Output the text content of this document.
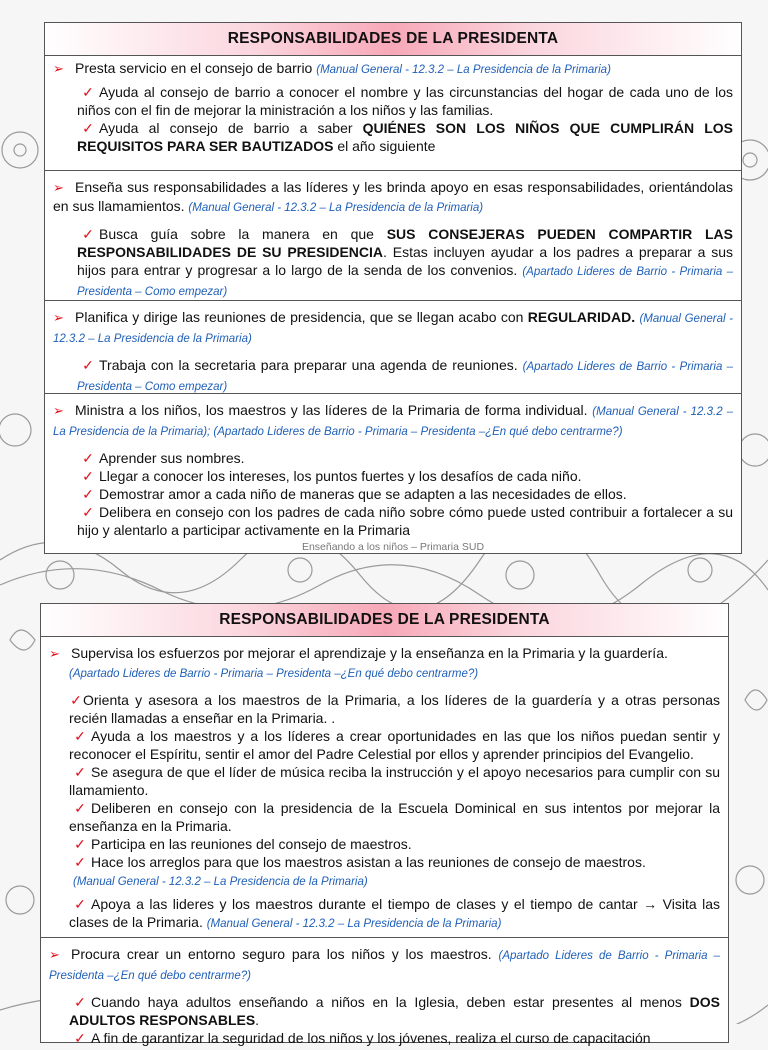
RESPONSABILIDADES DE LA PRESIDENTA

➢ Presta servicio en el consejo de barrio (Manual General - 12.3.2 – La Presidencia de la Primaria)

✓ Ayuda al consejo de barrio a conocer el nombre y las circunstancias del hogar de cada uno de los niños con el fin de mejorar la ministración a los niños y las familias.

✓ Ayuda al consejo de barrio a saber QUIÉNES SON LOS NIÑOS QUE CUMPLIRÁN LOS REQUISITOS PARA SER BAUTIZADOS el año siguiente

➢ Enseña sus responsabilidades a las líderes y les brinda apoyo en esas responsabilidades, orientándolas en sus llamamientos. (Manual General - 12.3.2 – La Presidencia de la Primaria)

✓ Busca guía sobre la manera en que SUS CONSEJERAS PUEDEN COMPARTIR LAS RESPONSABILIDADES DE SU PRESIDENCIA. Estas incluyen ayudar a los padres a preparar a sus hijos para entrar y progresar a lo largo de la senda de los convenios. (Apartado Lideres de Barrio - Primaria – Presidenta – Como empezar)

➢ Planifica y dirige las reuniones de presidencia, que se llegan acabo con REGULARIDAD. (Manual General - 12.3.2 – La Presidencia de la Primaria)

✓ Trabaja con la secretaria para preparar una agenda de reuniones. (Apartado Lideres de Barrio - Primaria – Presidenta – Como empezar)

➢ Ministra a los niños, los maestros y las líderes de la Primaria de forma individual. (Manual General - 12.3.2 – La Presidencia de la Primaria); (Apartado Lideres de Barrio - Primaria – Presidenta –¿En qué debo centrarme?)

✓ Aprender sus nombres.

✓ Llegar a conocer los intereses, los puntos fuertes y los desafíos de cada niño.

✓ Demostrar amor a cada niño de maneras que se adapten a las necesidades de ellos.

✓ Delibera en consejo con los padres de cada niño sobre cómo puede usted contribuir a fortalecer a su hijo y alentarlo a participar activamente en la Primaria

Enseñando a los niños – Primaria SUD
RESPONSABILIDADES DE LA PRESIDENTA

➢ Supervisa los esfuerzos por mejorar el aprendizaje y la enseñanza en la Primaria y la guardería.

(Apartado Lideres de Barrio - Primaria – Presidenta –¿En qué debo centrarme?)

✓Orienta y asesora a los maestros de la Primaria, a los líderes de la guardería y a otras personas recién llamadas a enseñar en la Primaria. .

✓ Ayuda a los maestros y a los líderes a crear oportunidades en las que los niños puedan sentir y reconocer el Espíritu, sentir el amor del Padre Celestial por ellos y aprender principios del Evangelio.

✓ Se asegura de que el líder de música reciba la instrucción y el apoyo necesarios para cumplir con su llamamiento.

✓ Deliberen en consejo con la presidencia de la Escuela Dominical en sus intentos por mejorar la enseñanza en la Primaria.

✓ Participa en las reuniones del consejo de maestros.

✓ Hace los arreglos para que los maestros asistan a las reuniones de consejo de maestros.

(Manual General - 12.3.2 – La Presidencia de la Primaria)

✓ Apoya a las lideres y los maestros durante el tiempo de clases y el tiempo de cantar → Visita las clases de la Primaria. (Manual General - 12.3.2 – La Presidencia de la Primaria)

➢ Procura crear un entorno seguro para los niños y los maestros. (Apartado Lideres de Barrio - Primaria – Presidenta –¿En qué debo centrarme?)

✓ Cuando haya adultos enseñando a niños en la Iglesia, deben estar presentes al menos DOS ADULTOS RESPONSABLES.

✓ A fin de garantizar la seguridad de los niños y los jóvenes, realiza el curso de capacitación
